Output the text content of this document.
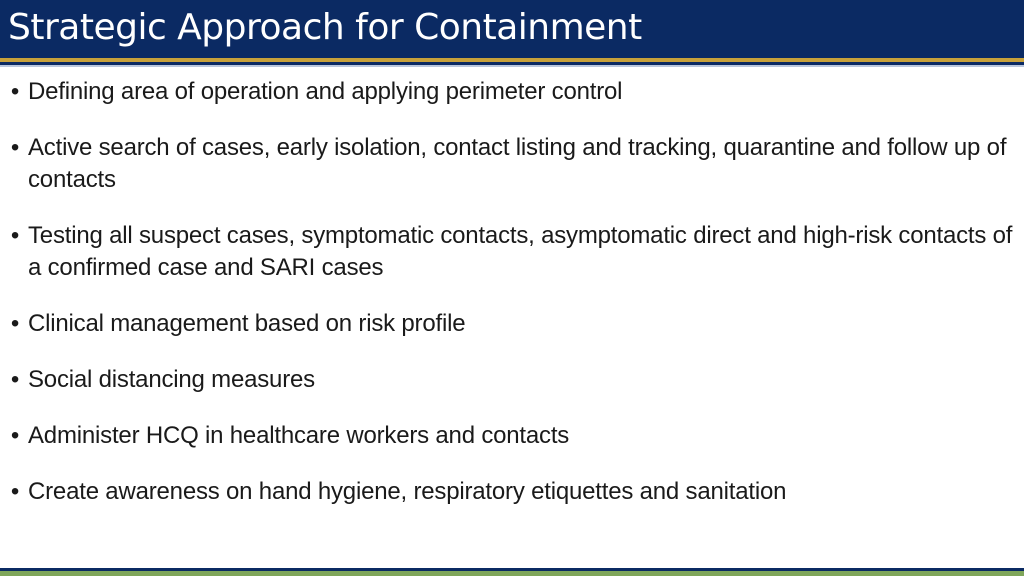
Strategic Approach for Containment
• Defining area of operation and applying perimeter control
• Active search of cases, early isolation, contact listing and tracking, quarantine and follow up of contacts
• Testing all suspect cases, symptomatic contacts, asymptomatic direct and high-risk contacts of a confirmed case and SARI cases
• Clinical management based on risk profile
• Social distancing measures
• Administer HCQ in healthcare workers and contacts
• Create awareness on hand hygiene, respiratory etiquettes and sanitation
